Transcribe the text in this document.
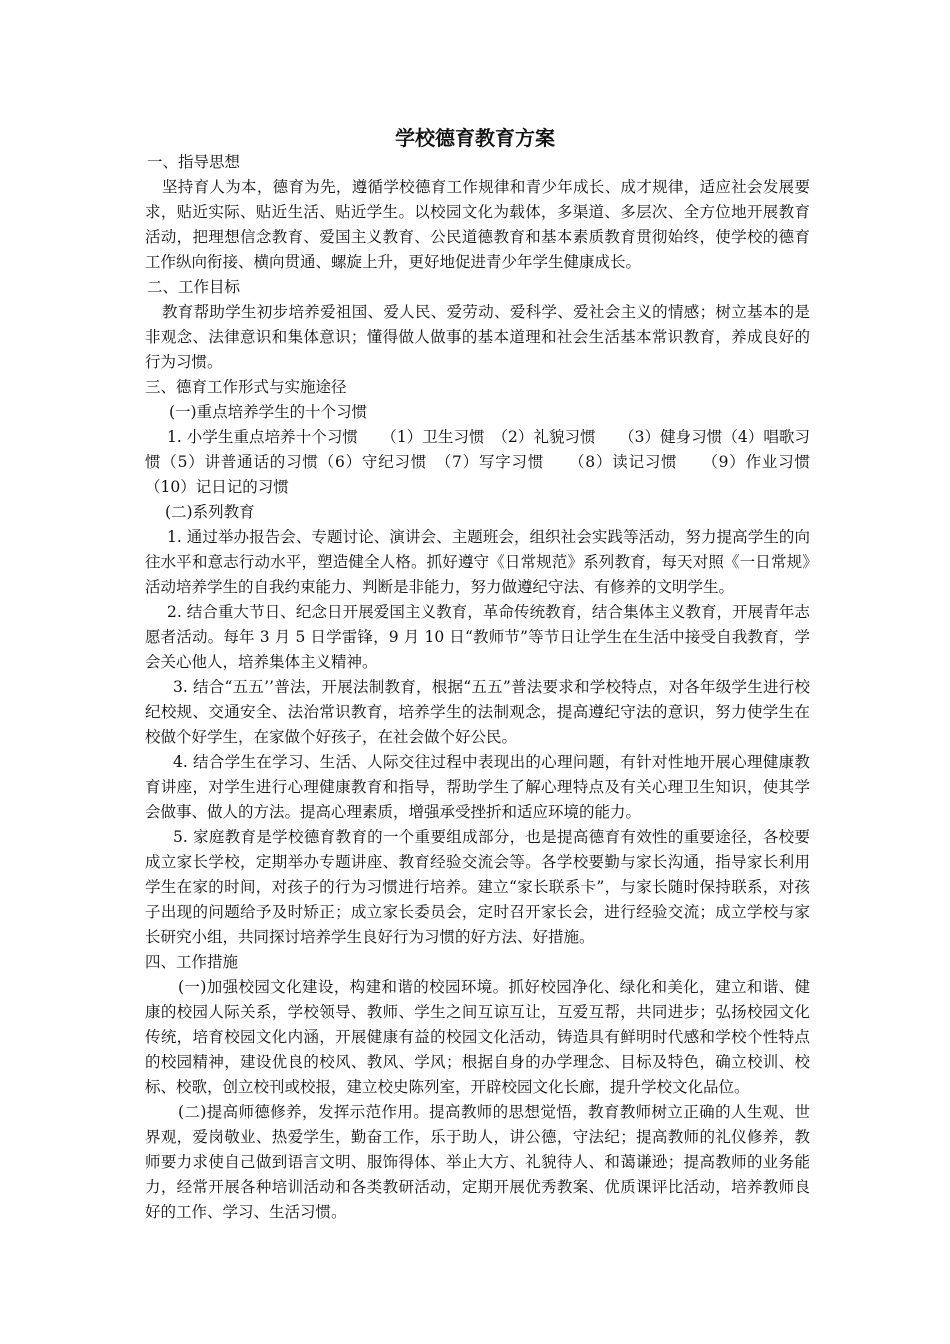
学校德育教育方案

一、指导思想

坚持育人为本，德育为先，遵循学校德育工作规律和青少年成长、成才规律，适应社会发展要求，贴近实际、贴近生活、贴近学生。以校园文化为载体，多渠道、多层次、全方位地开展教育活动，把理想信念教育、爱国主义教育、公民道德教育和基本素质教育贯彻始终，使学校的德育工作纵向衔接、横向贯通、螺旋上升，更好地促进青少年学生健康成长。

二、工作目标

教育帮助学生初步培养爱祖国、爱人民、爱劳动、爱科学、爱社会主义的情感；树立基本的是非观念、法律意识和集体意识；懂得做人做事的基本道理和社会生活基本常识教育，养成良好的行为习惯。

三、德育工作形式与实施途径

(一)重点培养学生的十个习惯

1. 小学生重点培养十个习惯　　（1）卫生习惯　（2）礼貌习惯　　（3）健身习惯（4）唱歌习惯（5）讲普通话的习惯（6）守纪习惯　（7）写字习惯　　（8）读记习惯　　（9）作业习惯　（10）记日记的习惯

(二)系列教育

1. 通过举办报告会、专题讨论、演讲会、主题班会，组织社会实践等活动，努力提高学生的向往水平和意志行动水平，塑造健全人格。抓好遵守《日常规范》系列教育，每天对照《一日常规》活动培养学生的自我约束能力、判断是非能力，努力做遵纪守法、有修养的文明学生。

2. 结合重大节日、纪念日开展爱国主义教育，革命传统教育，结合集体主义教育，开展青年志愿者活动。每年 3 月 5 日学雷锋，9 月 10 日“教师节”等节日让学生在生活中接受自我教育，学会关心他人，培养集体主义精神。

3. 结合“五五’’普法，开展法制教育，根据“五五”普法要求和学校特点，对各年级学生进行校纪校规、交通安全、法治常识教育，培养学生的法制观念，提高遵纪守法的意识，努力使学生在校做个好学生，在家做个好孩子，在社会做个好公民。

4. 结合学生在学习、生活、人际交往过程中表现出的心理问题，有针对性地开展心理健康教育讲座，对学生进行心理健康教育和指导，帮助学生了解心理特点及有关心理卫生知识，使其学会做事、做人的方法。提高心理素质，增强承受挫折和适应环境的能力。

5. 家庭教育是学校德育教育的一个重要组成部分，也是提高德育有效性的重要途径，各校要成立家长学校，定期举办专题讲座、教育经验交流会等。各学校要勤与家长沟通，指导家长利用学生在家的时间，对孩子的行为习惯进行培养。建立“家长联系卡”，与家长随时保持联系，对孩子出现的问题给予及时矫正；成立家长委员会，定时召开家长会，进行经验交流；成立学校与家长研究小组，共同探讨培养学生良好行为习惯的好方法、好措施。

四、工作措施

(一)加强校园文化建设，构建和谐的校园环境。抓好校园净化、绿化和美化，建立和谐、健康的校园人际关系，学校领导、教师、学生之间互谅互让，互爱互帮，共同进步；弘扬校园文化传统，培育校园文化内涵，开展健康有益的校园文化活动，铸造具有鲜明时代感和学校个性特点的校园精神，建设优良的校风、教风、学风；根据自身的办学理念、目标及特色，确立校训、校标、校歌，创立校刊或校报，建立校史陈列室，开辟校园文化长廊，提升学校文化品位。

(二)提高师德修养，发挥示范作用。提高教师的思想觉悟，教育教师树立正确的人生观、世界观，爱岗敬业、热爱学生，勤奋工作，乐于助人，讲公德，守法纪；提高教师的礼仪修养，教师要力求使自己做到语言文明、服饰得体、举止大方、礼貌待人、和蔼谦逊；提高教师的业务能力，经常开展各种培训活动和各类教研活动，定期开展优秀教案、优质课评比活动，培养教师良好的工作、学习、生活习惯。
